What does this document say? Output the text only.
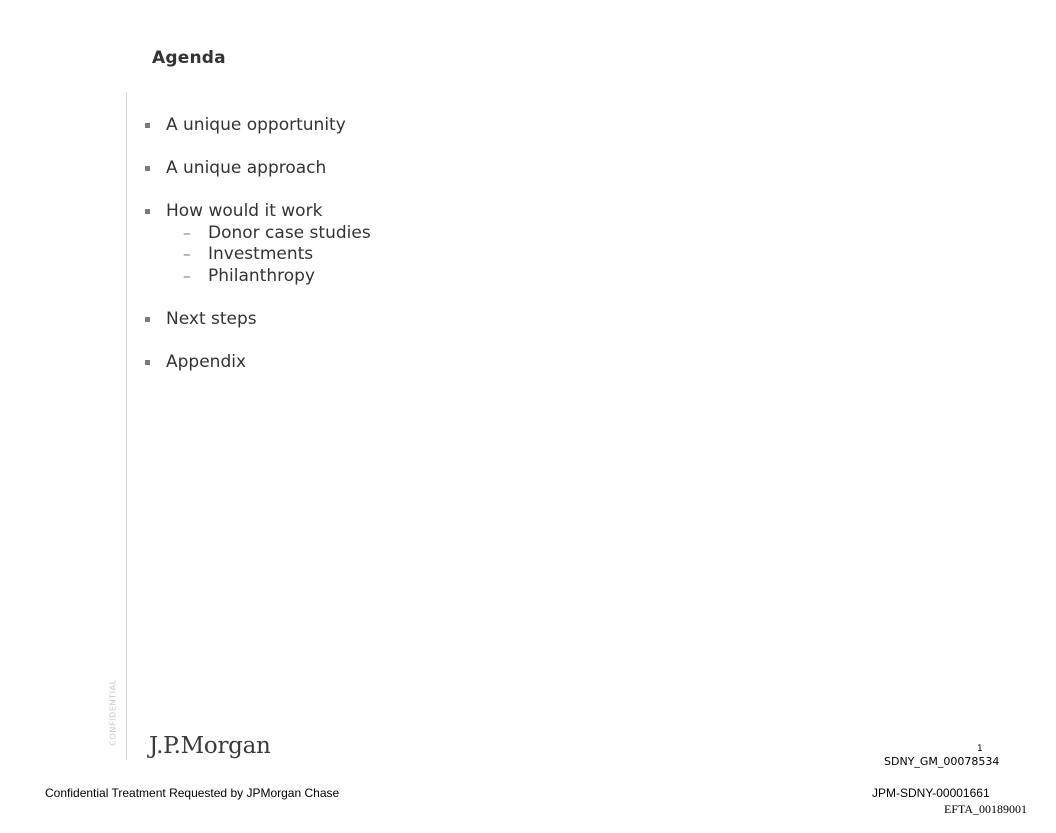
Agenda
CONFIDENTIAL
A unique opportunity
A unique approach
How would it work
–	Donor case studies
–	Investments
–	Philanthropy
Next steps
Appendix
J.P.Morgan	1
SDNY_GM_00078534
Confidential Treatment Requested by JPMorgan Chase	JPM-SDNY-00001661
EFTA_00189001
